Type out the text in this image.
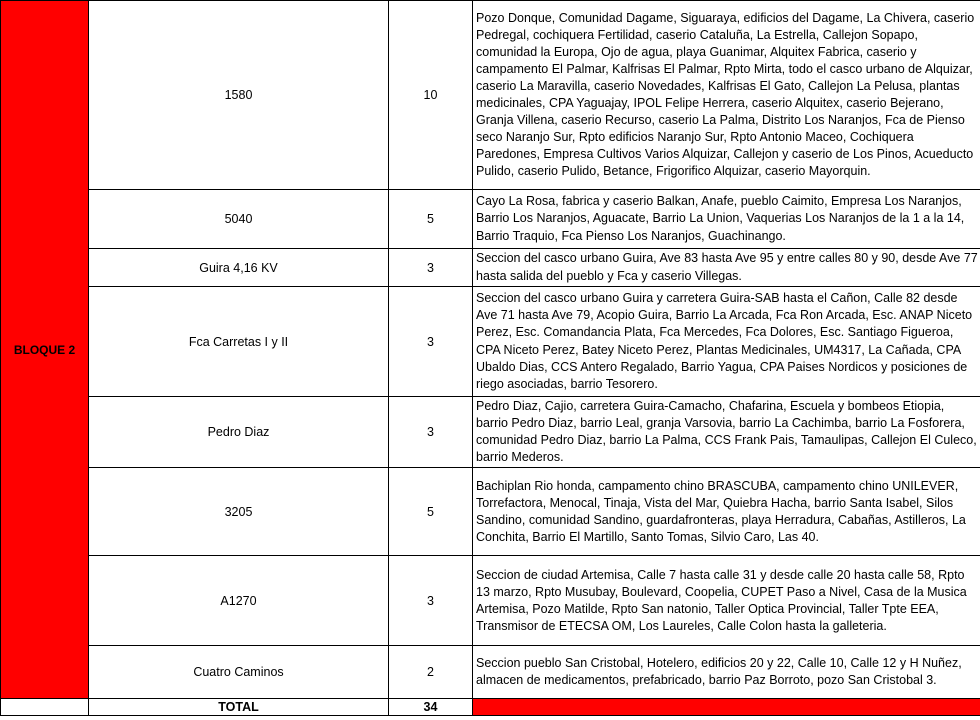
BLOQUE 2	1580	10	Pozo Donque, Comunidad Dagame, Siguaraya, edificios del Dagame, La Chivera, caserio Pedregal, cochiquera Fertilidad, caserio Cataluña, La Estrella, Callejon Sopapo, comunidad la Europa, Ojo de agua, playa Guanimar, Alquitex Fabrica, caserio y campamento El Palmar, Kalfrisas El Palmar, Rpto Mirta, todo el casco urbano de Alquizar, caserio La Maravilla, caserio Novedades, Kalfrisas El Gato, Callejon La Pelusa, plantas medicinales, CPA Yaguajay, IPOL Felipe Herrera, caserio Alquitex, caserio Bejerano, Granja Villena, caserio Recurso, caserio La Palma, Distrito Los Naranjos, Fca de Pienso seco Naranjo Sur, Rpto edificios Naranjo Sur, Rpto Antonio Maceo, Cochiquera Paredones, Empresa Cultivos Varios Alquizar, Callejon y caserio de Los Pinos, Acueducto Pulido, caserio Pulido, Betance, Frigorifico Alquizar, caserio Mayorquin.
	5040	5	Cayo La Rosa, fabrica y caserio Balkan, Anafe, pueblo Caimito, Empresa Los Naranjos, Barrio Los Naranjos, Aguacate, Barrio La Union, Vaquerias Los Naranjos de la 1 a la 14, Barrio Traquio, Fca Pienso Los Naranjos, Guachinango.
	Guira 4,16 KV	3	Seccion del casco urbano Guira, Ave 83 hasta Ave 95 y entre calles 80 y 90, desde Ave 77 hasta salida del pueblo y Fca y caserio Villegas.
	Fca Carretas I y II	3	Seccion del casco urbano Guira y carretera Guira-SAB hasta el Cañon, Calle 82 desde Ave 71 hasta Ave 79, Acopio Guira, Barrio La Arcada, Fca Ron Arcada, Esc. ANAP Niceto Perez, Esc. Comandancia Plata, Fca Mercedes, Fca Dolores, Esc. Santiago Figueroa, CPA Niceto Perez, Batey Niceto Perez, Plantas Medicinales, UM4317, La Cañada, CPA Ubaldo Dias, CCS Antero Regalado, Barrio Yagua, CPA Paises Nordicos y posiciones de riego asociadas, barrio Tesorero.
	Pedro Diaz	3	Pedro Diaz, Cajio, carretera Guira-Camacho, Chafarina, Escuela y bombeos Etiopia, barrio Pedro Diaz, barrio Leal, granja Varsovia, barrio La Cachimba, barrio La Fosforera, comunidad Pedro Diaz, barrio La Palma, CCS Frank Pais, Tamaulipas, Callejon El Culeco, barrio Mederos.
	3205	5	Bachiplan Rio honda, campamento chino BRASCUBA, campamento chino UNILEVER, Torrefactora, Menocal, Tinaja, Vista del Mar, Quiebra Hacha, barrio Santa Isabel, Silos Sandino, comunidad Sandino, guardafronteras, playa Herradura, Cabañas, Astilleros, La Conchita, Barrio El Martillo, Santo Tomas, Silvio Caro, Las 40.
	A1270	3	Seccion de ciudad Artemisa, Calle 7 hasta calle 31 y desde calle 20 hasta calle 58, Rpto 13 marzo, Rpto Musubay, Boulevard, Coopelia, CUPET Paso a Nivel, Casa de la Musica Artemisa, Pozo Matilde, Rpto San natonio, Taller Optica Provincial, Taller Tpte EEA, Transmisor de ETECSA OM, Los Laureles, Calle Colon hasta la galleteria.
	Cuatro Caminos	2	Seccion pueblo San Cristobal, Hotelero, edificios 20 y 22, Calle 10, Calle 12 y H Nuñez, almacen de medicamentos, prefabricado, barrio Paz Borroto, pozo San Cristobal 3.
	TOTAL	34	
